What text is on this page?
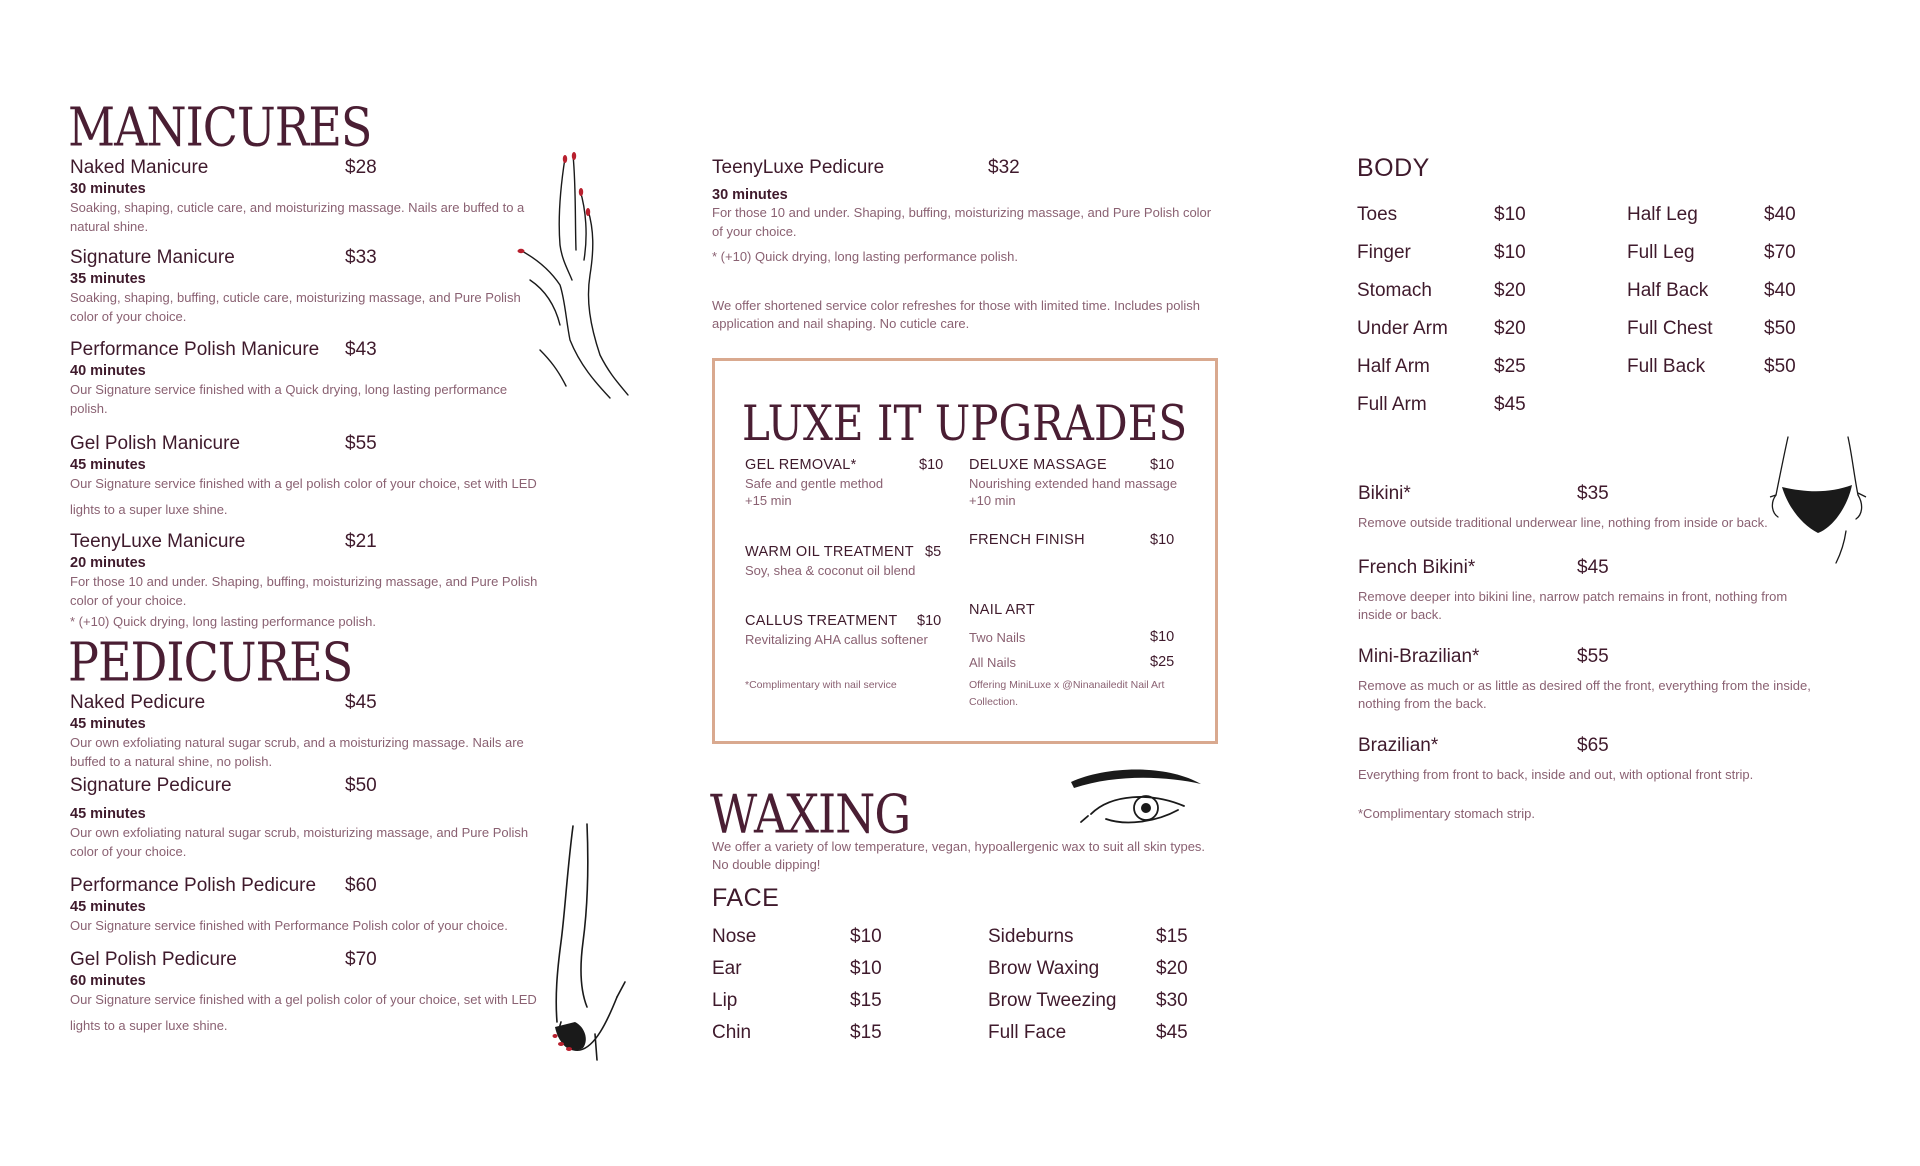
MANICURES
Naked Manicure	$28
30 minutes
Soaking, shaping, cuticle care, and moisturizing massage. Nails are buffed to a natural shine.
Signature Manicure	$33
35 minutes
Soaking, shaping, buffing, cuticle care, moisturizing massage, and Pure Polish color of your choice.
Performance Polish Manicure $43
40 minutes
Our Signature service finished with a Quick drying, long lasting performance polish.
Gel Polish Manicure	$55
45 minutes
Our Signature service finished with a gel polish color of your choice, set with LED lights to a super luxe shine.
TeenyLuxe Manicure	$21
20 minutes
For those 10 and under. Shaping, buffing, moisturizing massage, and Pure Polish color of your choice.
* (+10) Quick drying, long lasting performance polish.
PEDICURES
Naked Pedicure	$45
45 minutes
Our own exfoliating natural sugar scrub, and a moisturizing massage. Nails are buffed to a natural shine, no polish.
Signature Pedicure	$50
45 minutes
Our own exfoliating natural sugar scrub, moisturizing massage, and Pure Polish color of your choice.
Performance Polish Pedicure $60
45 minutes
Our Signature service finished with Performance Polish color of your choice.
Gel Polish Pedicure	$70
60 minutes
Our Signature service finished with a gel polish color of your choice, set with LED lights to a super luxe shine.
TeenyLuxe Pedicure	$32
30 minutes
For those 10 and under. Shaping, buffing, moisturizing massage, and Pure Polish color of your choice.
* (+10) Quick drying, long lasting performance polish.
We offer shortened service color refreshes for those with limited time. Includes polish application and nail shaping. No cuticle care.
LUXE IT UPGRADES
GEL REMOVAL*	$10
Safe and gentle method
+15 min
WARM OIL TREATMENT $5
Soy, shea & coconut oil blend
CALLUS TREATMENT $10
Revitalizing AHA callus softener
*Complimentary with nail service
DELUXE MASSAGE	$10
Nourishing extended hand massage
+10 min
FRENCH FINISH	$10
NAIL ART
Two Nails	$10
All Nails	$25
Offering MiniLuxe x @Ninanailedit Nail Art Collection.
WAXING
We offer a variety of low temperature, vegan, hypoallergenic wax to suit all skin types. No double dipping!
FACE
Nose	$10
Ear	$10
Lip	$15
Chin	$15
Sideburns	$15
Brow Waxing	$20
Brow Tweezing $30
Full Face	$45
BODY
Toes	$10
Finger	$10
Stomach	$20
Under Arm $20
Half Arm	$25
Full Arm	$45
Half Leg	$40
Full Leg	$70
Half Back	$40
Full Chest	$50
Full Back	$50
Bikini*	$35
Remove outside traditional underwear line, nothing from inside or back.
French Bikini*	$45
Remove deeper into bikini line, narrow patch remains in front, nothing from inside or back.
Mini-Brazilian*	$55
Remove as much or as little as desired off the front, everything from the inside, nothing from the back.
Brazilian*	$65
Everything from front to back, inside and out, with optional front strip.
*Complimentary stomach strip.
